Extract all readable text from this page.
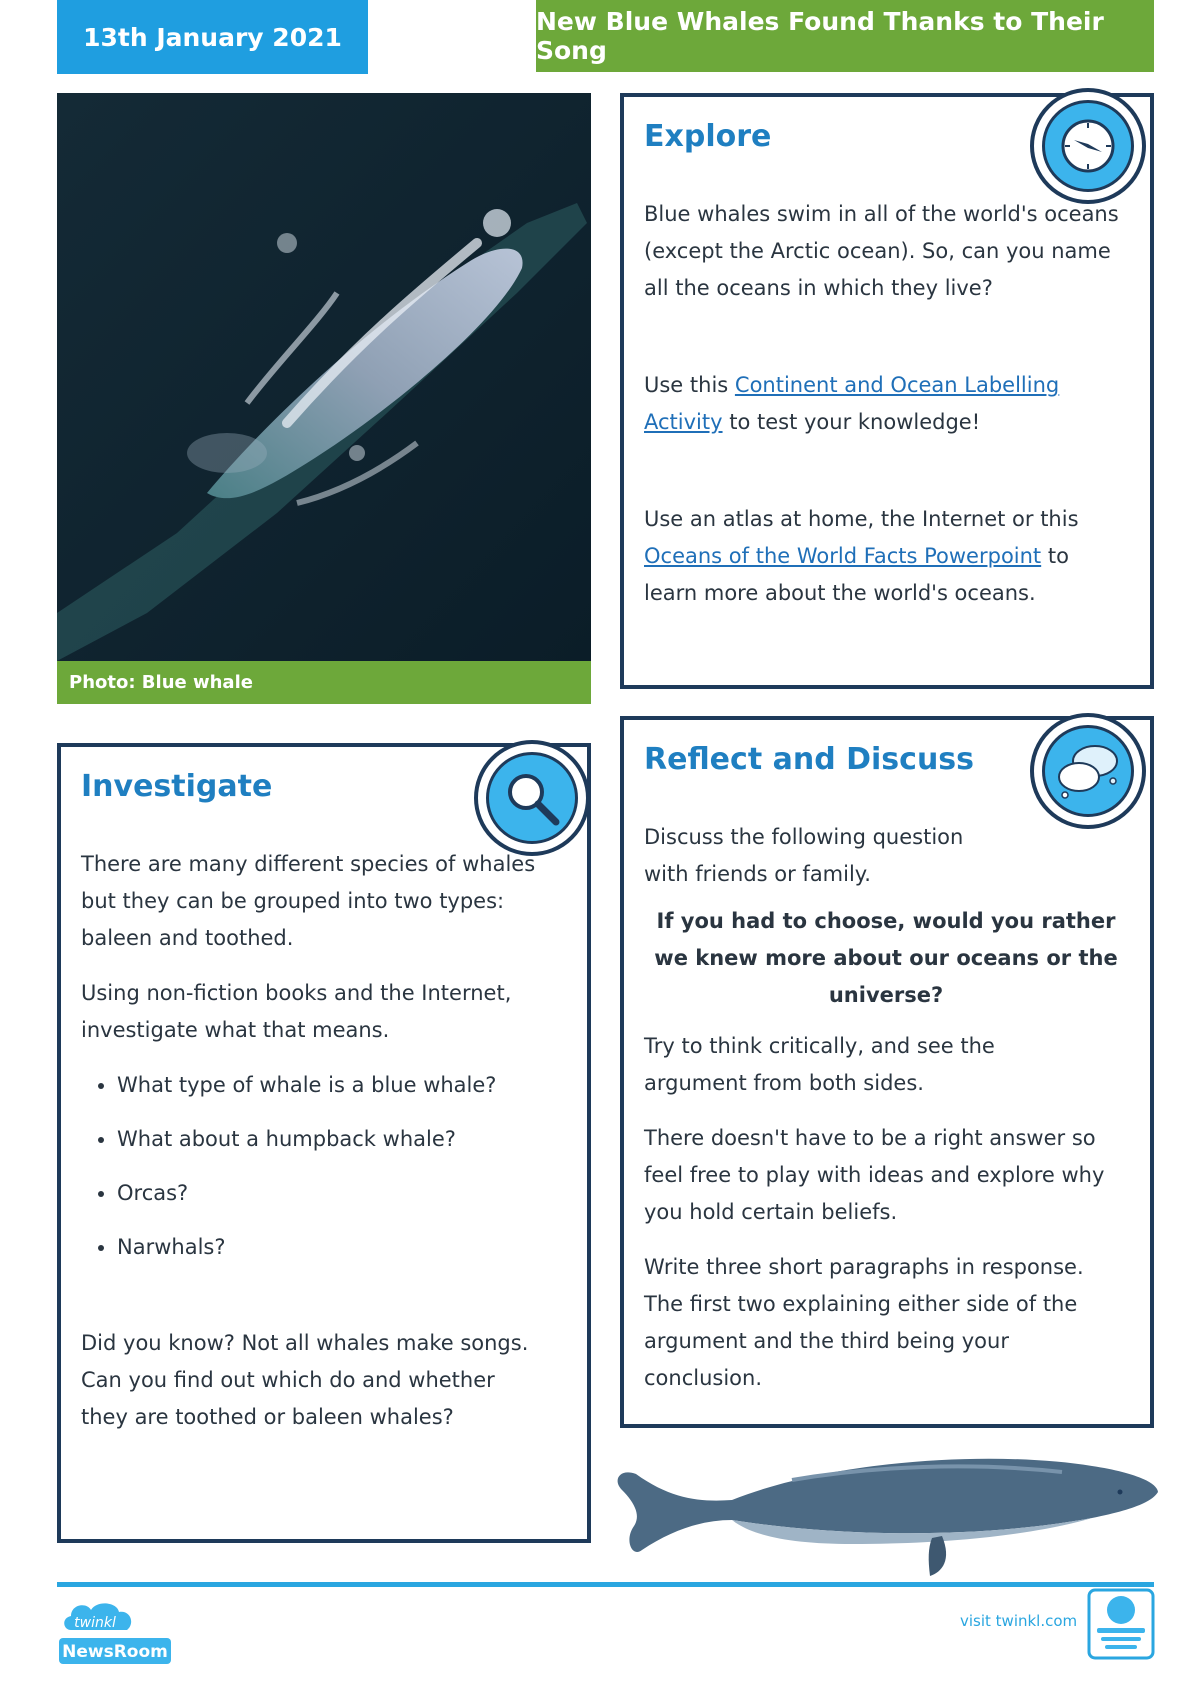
13th January 2021
New Blue Whales Found Thanks to Their Song
Photo: Blue whale
Explore

Blue whales swim in all of the world's oceans (except the Arctic ocean). So, can you name all the oceans in which they live?

Use this Continent and Ocean Labelling Activity to test your knowledge!

Use an atlas at home, the Internet or this Oceans of the World Facts Powerpoint to learn more about the world's oceans.

Investigate

There are many different species of whales but they can be grouped into two types: baleen and toothed.

Using non-fiction books and the Internet, investigate what that means.

• What type of whale is a blue whale?
• What about a humpback whale?
• Orcas?
• Narwhals?

Did you know? Not all whales make songs. Can you find out which do and whether they are toothed or baleen whales?

Reflect and Discuss

Discuss the following question with friends or family.

If you had to choose, would you rather we knew more about our oceans or the universe?

Try to think critically, and see the argument from both sides.

There doesn't have to be a right answer so feel free to play with ideas and explore why you hold certain beliefs.

Write three short paragraphs in response. The first two explaining either side of the argument and the third being your conclusion.

twinkl
NewsRoom
visit twinkl.com
